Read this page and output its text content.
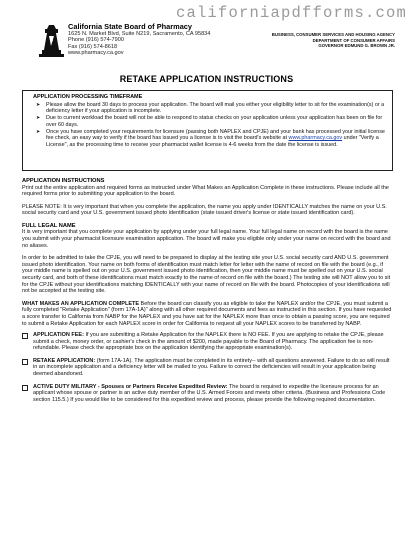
californiapdfforms.com
California State Board of Pharmacy
1625 N. Market Blvd, Suite N219, Sacramento, CA 95834
Phone (916) 574-7900
Fax (916) 574-8618
www.pharmacy.ca.gov
BUSINESS, CONSUMER SERVICES AND HOUSING AGENCY
DEPARTMENT OF CONSUMER AFFAIRS
GOVERNOR EDMUND G. BROWN JR.
RETAKE APPLICATION INSTRUCTIONS
APPLICATION PROCESSING TIMEFRAME
➤ Please allow the board 30 days to process your application. The board will mail you either your eligibility letter to sit for the examination(s) or a deficiency letter if your application is incomplete.
➤ Due to current workload the board will not be able to respond to status checks on your application unless your application has been on file for over 60 days.
➤ Once you have completed your requirements for licensure (passing both NAPLEX and CPJE) and your bank has processed your initial license fee check, an easy way to verify if the board has issued you a license is to visit the board's website at www.pharmacy.ca.gov under "Verify a License", as the processing time to receive your pharmacist wallet license is 4-6 weeks from the date the license is issued.
APPLICATION INSTRUCTIONS
Print out the entire application and required forms as instructed under What Makes an Application Complete in these instructions. Please include all the required forms prior to submitting your application to the board.
PLEASE NOTE: It is very important that when you complete the application, the name you apply under IDENTICALLY matches the name on your U.S. social security card and your U.S. government issued photo identification (state issued driver's license or state issued identification card).
FULL LEGAL NAME
It is very important that you complete your application by applying under your full legal name. Your full legal name on record with the board is the name you submit with your pharmacist licensure examination application. The board will make you eligible only under your name on record with the board and no aliases.
In order to be admitted to take the CPJE, you will need to be prepared to display at the testing site your U.S. social security card AND U.S. government issued photo identification. Your name on both forms of identification must match letter for letter with the name of record on file with the board (e.g., if your middle name is spelled out on your U.S. government issued photo identification, then your middle name must be spelled out on your U.S. social security card, and both of these identifications must match exactly to the name of record on file with the board.) The testing site will NOT allow you to sit for the CPJE without your identifications matching IDENTICALLY with your name of record on file with the board. Photocopies of your identifications will not be accepted at the testing site.
WHAT MAKES AN APPLICATION COMPLETE Before the board can classify you as eligible to take the NAPLEX and/or the CPJE, you must submit a fully completed "Retake Application" (form 17A-1A)" along with all other required documents and fees as instructed in this section. If you have requested a score transfer to California from NABP for the NAPLEX and you have sat for the NAPLEX more than once to obtain a passing score, you are required to submit a Retake Application for each NAPLEX score in order for California to request all your NAPLEX scores to be transferred by NABP.
APPLICATION FEE: If you are submitting a Retake Application for the NAPLEX there is NO FEE. If you are applying to retake the CPJE, please submit a check, money order, or cashier's check in the amount of $200, made payable to the Board of Pharmacy. The application fee is non-refundable. Please check the appropriate box on the application identifying the appropriate examination(s).
RETAKE APPLICATION: (form 17A-1A). The application must be completed in its entirety-- with all questions answered. Failure to do so will result in an incomplete application and a deficiency letter will be mailed to you. Failure to correct the deficiencies will result in your application being deemed abandoned.
ACTIVE DUTY MILITARY - Spouses or Partners Receive Expedited Review: The board is required to expedite the licensure process for an applicant whose spouse or partner is an active duty member of the U.S. Armed Forces and meets other criteria. (Business and Professions Code section 115.5.) If you would like to be considered for this expedited review and process, please provide the following required documentation.
